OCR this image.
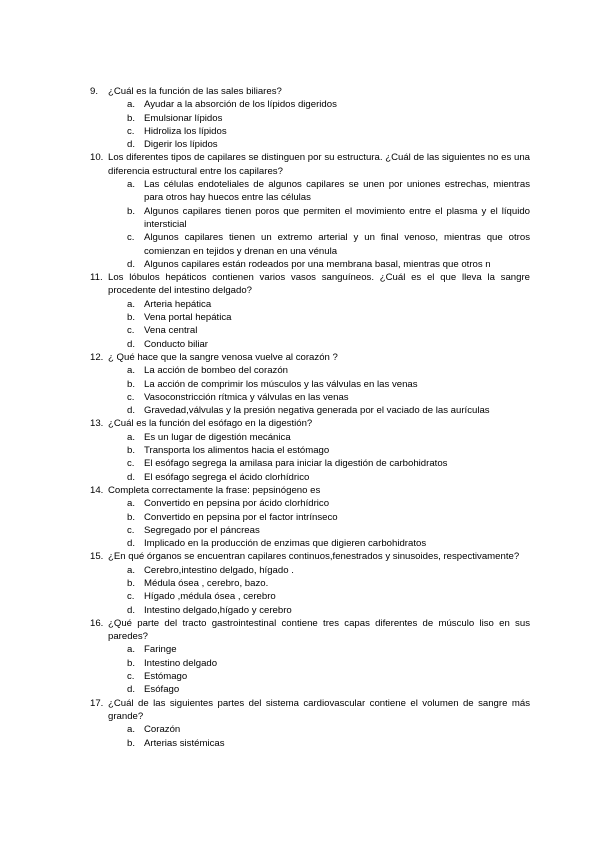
9. ¿Cuál es la función de las sales biliares?
a. Ayudar a la absorción de los lípidos digeridos
b. Emulsionar lípidos
c. Hidroliza los lípidos
d. Digerir los lípidos
10. Los diferentes tipos de capilares se distinguen por su estructura. ¿Cuál de las siguientes no es una diferencia estructural entre los capilares?
a. Las células endoteliales de algunos capilares se unen por uniones estrechas, mientras para otros hay huecos entre las células
b. Algunos capilares tienen poros que permiten el movimiento entre el plasma y el líquido intersticial
c. Algunos capilares tienen un extremo arterial y un final venoso, mientras que otros comienzan en tejidos y drenan en una vénula
d. Algunos capilares están rodeados por una membrana basal, mientras que otros n
11. Los lóbulos hepáticos contienen varios vasos sanguíneos. ¿Cuál es el que lleva la sangre procedente del intestino delgado?
a. Arteria hepática
b. Vena portal hepática
c. Vena central
d. Conducto biliar
12. ¿ Qué hace que la sangre venosa vuelve al corazón ?
a. La acción de bombeo del corazón
b. La acción de comprimir los músculos y las válvulas en las venas
c. Vasoconstricción rítmica y válvulas en las venas
d. Gravedad,válvulas y la presión negativa generada por el vaciado de las aurículas
13. ¿Cuál es la función del esófago en la digestión?
a. Es un lugar de digestión mecánica
b. Transporta los alimentos hacia el estómago
c. El esófago segrega la amilasa para iniciar la digestión de carbohidratos
d. El esófago segrega el ácido clorhídrico
14. Completa correctamente la frase: pepsinógeno es
a. Convertido en pepsina por ácido clorhídrico
b. Convertido en pepsina por el factor intrínseco
c. Segregado por el páncreas
d. Implicado en la producción de enzimas que digieren carbohidratos
15. ¿En qué órganos se encuentran capilares continuos,fenestrados y sinusoides, respectivamente?
a. Cerebro,intestino delgado, hígado .
b. Médula ósea , cerebro, bazo.
c. Hígado ,médula ósea , cerebro
d. Intestino delgado,hígado y cerebro
16. ¿Qué parte del tracto gastrointestinal contiene tres capas diferentes de músculo liso en sus paredes?
a. Faringe
b. Intestino delgado
c. Estómago
d. Esófago
17. ¿Cuál de las siguientes partes del sistema cardiovascular contiene el volumen de sangre más grande?
a. Corazón
b. Arterias sistémicas
